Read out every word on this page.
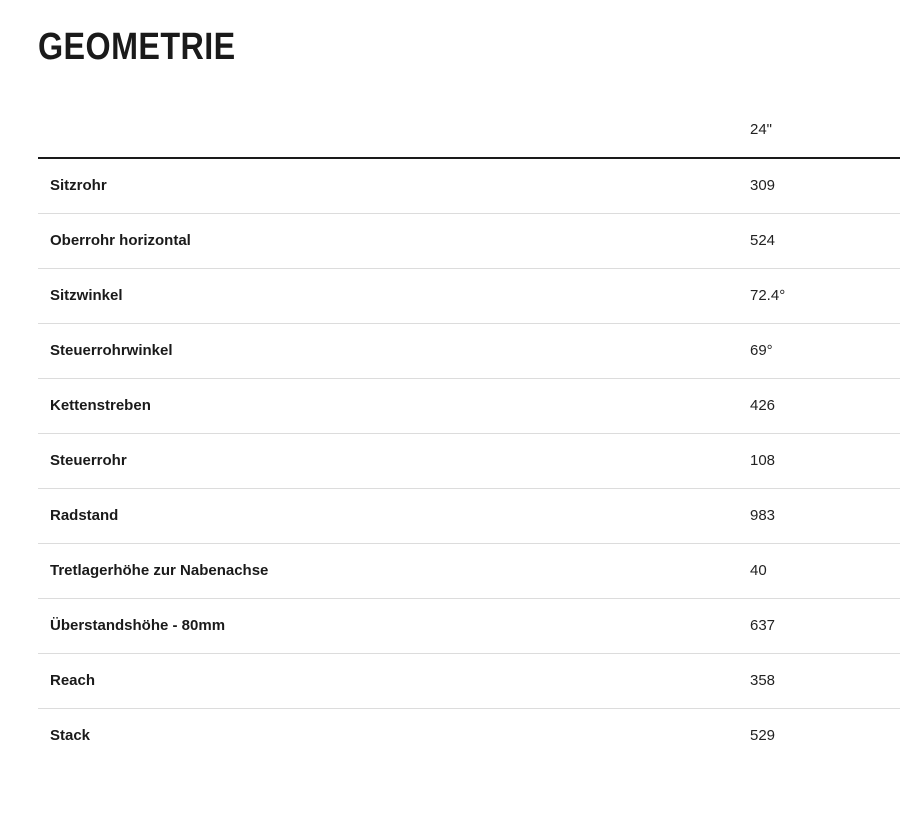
GEOMETRIE
	24"
Sitzrohr	309
Oberrohr horizontal	524
Sitzwinkel	72.4°
Steuerrohrwinkel	69°
Kettenstreben	426
Steuerrohr	108
Radstand	983
Tretlagerhöhe zur Nabenachse	40
Überstandshöhe - 80mm	637
Reach	358
Stack	529
